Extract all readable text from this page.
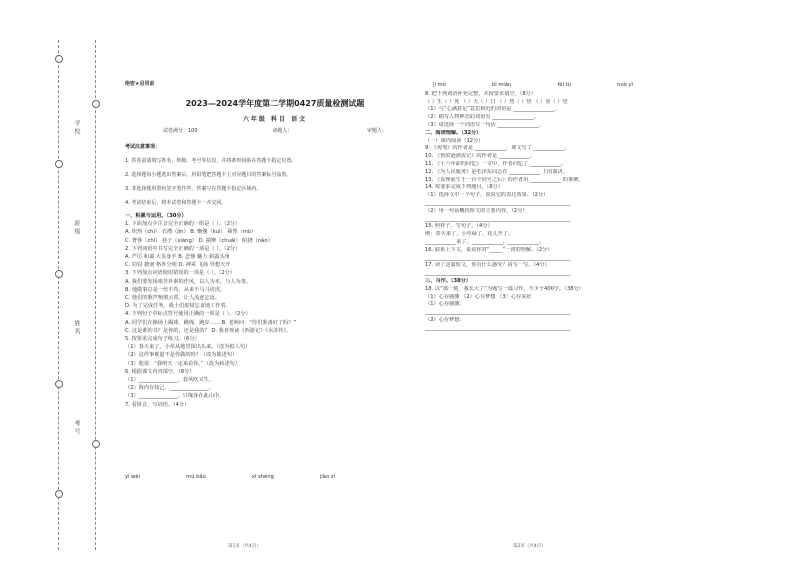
学校
班级
姓名
考号
绝密★启用前
2023—2024学年度第二学期0427质量检测试题
六年级 科目 语文
试卷满分：100	命题人：	审题人：
考试注意事项：
1. 答卷前请填写姓名、班级、考号等信息，并将条形码贴在答题卡指定位置。
2. 选择题每小题选出答案后，用铅笔把答题卡上对应题目的答案标号涂黑。
3. 非选择题用黑色签字笔作答，答案写在答题卡指定区域内。
4. 考试结束后，将本试卷和答题卡一并交回。
一、积累与运用。（30分）
1. 下面加点字注音完全正确的一组是（ ）。（2分）
A. 炽热（chì） 衣襟（jīn） B. 惭愧（kuì） 蓦然（mò）
C. 奢侈（chǐ） 巷子（xiàng） D. 揣摩（chuǎi） 阻挠（náo）
2. 下列词语中书写完全正确的一项是（ ）。（2分）
A. 严厉 和蔼 大显身手 B. 悲惨 魅力 崭露头角
C. 窃窃 搪塞 格外分明 D. 神采 飞扬 异想天开
3. 下列加点词语使用错误的一项是（ ）。（2分）
A. 我们要发扬艰苦朴素的作风，以人为本，与人为善。
B. 他做事总是一丝不苟，从来不马马虎虎。
C. 他们的歌声响彻云霄，让人流连忘返。
D. 为了完成任务，战士们废寝忘食地工作着。
4. 下列句子中标点符号使用正确的一项是（ ）。（2分）
A. 同学们在操场上踢球、跳绳、跑步…… B. 老师问：“你们准备好了吗？”
C. 这是谁的书？是你的，还是我的？ D. 我喜欢读《西游记》《水浒传》。
5. 按要求完成句子练习。（6分）
（1）春天来了，小草从地里探出头来。（改为拟人句）
（2）这件事难道不是你做的吗？（改为陈述句）
（3）他说：“我明天一定来看你。”（改为转述句）
6. 根据课文内容填空。（8分）
（1）_______________，春风吹又生。
（2）海内存知己，_______________。
（3）_______________，只缘身在此山中。
7. 看拼音，写词语。（4分）
yì wèi	mú bǎo	xī shēng	jiāo zì
jí mò	bì miǎn	féi tù	nuò yì
8. 把下列词语补充完整，并按要求填空。（8分）
（ ）生（ ）死 （ ）天（ ）日 （ ）然（ ）悟 （ ）喜（ ）望
（1）与“心满意足”意思相近的词语是 ________________。
（2）描写人物神态的词语有 ________________。
（3）请选择一个词语写一句话 ________________。
二、阅读理解。（32分）
（一）课内阅读（12分）
9. 《匆匆》的作者是 ____________，课文写了 ____________。
10. 《鲁滨逊漂流记》的作者是 ____________。
11. 《十六年前的回忆》一文中，作者回忆了 ____________。
12. 《为人民服务》是毛泽东同志在 ____________ 上的演讲。
13. 《真理诞生于一百个问号之后》的作者用 ____________ 的事例。
14. 按要求完成下列题目。（6分）
（1）选择文中一个句子，说说它的表达效果。（2分）
________________________________________________________
（2）用一句话概括短文的主要内容。（2分）
________________________________________________________
15. 照样子，写句子。（4分）
例：春天来了，小草绿了，花儿开了。
____________来了，____________，____________。
16. 联系上下文，说说你对“_____”一词的理解。（2分）
________________________________________________________
17. 读了这篇短文，你有什么感受？请写一写。（4分）
________________________________________________________
三、习作。（38分）
18. 以“那一刻，我长大了”为题写一篇习作，不少于400字。（38分）
（1）心存感激 （2）心存梦想 （3）心存美好
（1）心存感激：
________________________________________________________
（2）心存梦想：
________________________________________________________
第1页（共4页）	第2页（共4页）
